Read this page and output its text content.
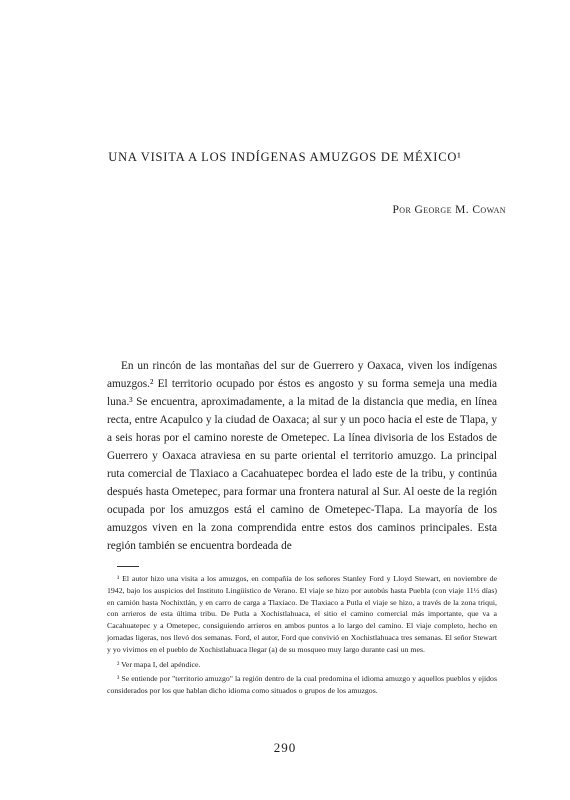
UNA VISITA A LOS INDÍGENAS AMUZGOS DE MÉXICO¹
Por George M. Cowan

En un rincón de las montañas del sur de Guerrero y Oaxaca, viven los indígenas amuzgos.² El territorio ocupado por éstos es angosto y su forma semeja una media luna.³ Se encuentra, aproximadamente, a la mitad de la distancia que media, en línea recta, entre Acapulco y la ciudad de Oaxaca; al sur y un poco hacia el este de Tlapa, y a seis horas por el camino noreste de Ometepec. La línea divisoria de los Estados de Guerrero y Oaxaca atraviesa en su parte oriental el territorio amuzgo. La principal ruta comercial de Tlaxiaco a Cacahuatepec bordea el lado este de la tribu, y continúa después hasta Ometepec, para formar una frontera natural al Sur. Al oeste de la región ocupada por los amuzgos está el camino de Ometepec-Tlapa. La mayoría de los amuzgos viven en la zona comprendida entre estos dos caminos principales. Esta región también se encuentra bordeada de

¹ El autor hizo una visita a los amuzgos, en compañía de los señores Stanley Ford y Lloyd Stewart, en noviembre de 1942, bajo los auspicios del Instituto Lingüístico de Verano. El viaje se hizo por autobús hasta Puebla (con viaje 11½ días) en camión hasta Nochixtlán, y en carro de carga a Tlaxiaco. De Tlaxiaco a Putla el viaje se hizo, a través de la zona triqui, con arrieros de esta última tribu. De Putla a Xochistlahuaca, el sitio el camino comercial más importante, que va a Cacahuatepec y a Ometepec, consiguiendo arrieros en ambos puntos a lo largo del camino. El viaje completo, hecho en jornadas ligeras, nos llevó dos semanas. Ford, el autor, Ford que convivió en Xochistlahuaca tres semanas. El señor Stewart y yo vivimos en el pueblo de Xochistlahuaca llegar (a) de su mosqueo muy largo durante casi un mes.

² Ver mapa I, del apéndice.

³ Se entiende por "territorio amuzgo" la región dentro de la cual predomina el idioma amuzgo y aquellos pueblos y ejidos considerados por los que hablan dicho idioma como situados o grupos de los amuzgos.

290
